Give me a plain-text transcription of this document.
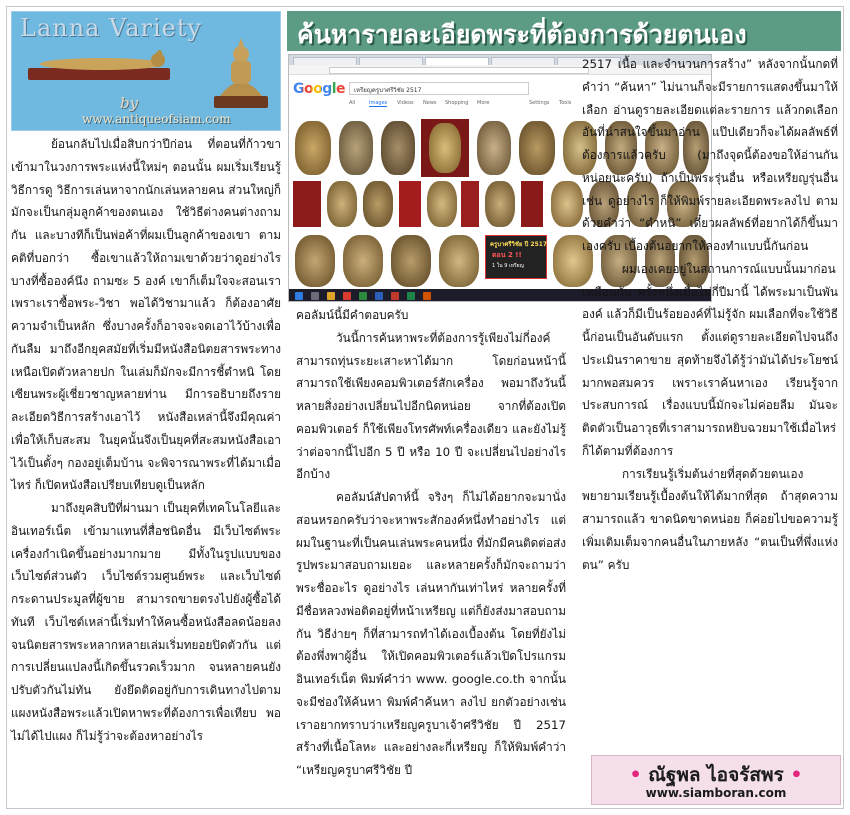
Lanna Variety
by
www.antiqueofsiam.com
ค้นหารายละเอียดพระที่ต้องการด้วยตนเอง
Google	เหรียญครูบาศรีวิชัย 2517
All	Images Videos News Shopping More	Settings Tools
ครูบาศรีวิชัย ปี 2517
ตอน 2 !!
1 ใน 9 เหรียญ

ย้อนกลับไปเมื่อสิบกว่าปีก่อน ที่ตอนที่ก้าวขาเข้ามาในวงการพระแห่งนี้ใหม่ๆ ตอนนั้น ผมเริ่มเรียนรู้วิธีการดู วิธีการเล่นหาจากนักเล่นหลายคน ส่วนใหญ่ก็มักจะเป็นกลุ่มลูกค้าของตนเอง ใช้วิธีต่างคนต่างถามกัน และบางทีก็เป็นพ่อค้าที่ผมเป็นลูกค้าของเขา ตามคติที่บอกว่า ซื้อเขาแล้วให้ถามเขาด้วยว่าดูอย่างไร บางที่ซื้อองค์นึง ถามซะ 5 องค์ เขาก็เต็มใจจะสอนเรา เพราะเราซื้อพระ-วิชา พอได้วิชามาแล้ว ก็ต้องอาศัยความจำเป็นหลัก ซึ่งบางครั้งก็อาจจะจดเอาไว้บ้างเพื่อกันลืม มาถึงอีกยุคสมัยที่เริ่มมีหนังสือนิตยสารพระทางเหนือเปิดตัวหลายปก ในเล่มก็มักจะมีการชี้ตำหนิ โดยเซียนพระผู้เชี่ยวชาญหลายท่าน มีการอธิบายถึงรายละเอียดวิธีการสร้างเอาไว้ หนังสือเหล่านี้จึงมีคุณค่าเพื่อให้เก็บสะสม ในยุคนั้นจึงเป็นยุคที่สะสมหนังสือเอาไว้เป็นตั้งๆ กองอยู่เต็มบ้าน จะพิจารณาพระที่ได้มาเมื่อไหร่ ก็เปิดหนังสือเปรียบเทียบดูเป็นหลัก

มาถึงยุคสิบปีที่ผ่านมา เป็นยุคที่เทคโนโลยีและอินเทอร์เน็ต เข้ามาแทนที่สื่อชนิดอื่น มีเว็บไซต์พระเครื่องกำเนิดขึ้นอย่างมากมาย มีทั้งในรูปแบบของเว็บไซต์ส่วนตัว เว็บไซต์รวมศูนย์พระ และเว็บไซต์กระดานประมูลที่ผู้ขาย สามารถขายตรงไปยังผู้ซื้อได้ทันที เว็บไซต์เหล่านี้เริ่มทำให้คนซื้อหนังสือลดน้อยลง จนนิตยสารพระหลากหลายเล่มเริ่มทยอยปิดตัวกัน แต่การเปลี่ยนแปลงนี้เกิดขึ้นรวดเร็วมาก จนหลายคนยังปรับตัวกันไม่ทัน ยังยึดติดอยู่กับการเดินทางไปตามแผงหนังสือพระแล้วเปิดหาพระที่ต้องการเพื่อเทียบ พอไม่ได้ไปแผง ก็ไม่รู้ว่าจะต้องหาอย่างไร

คอลัมน์นี้มีคำตอบครับ

วันนี้การค้นหาพระที่ต้องการรู้เพียงไม่กี่องค์ สามารถทุ่นระยะเสาะหาได้มาก โดยก่อนหน้านี้สามารถใช้เพียงคอมพิวเตอร์สักเครื่อง พอมาถึงวันนี้หลายสิ่งอย่างเปลี่ยนไปอีกนิดหน่อย จากที่ต้องเปิดคอมพิวเตอร์ ก็ใช้เพียงโทรศัพท์เครื่องเดียว และยังไม่รู้ว่าต่อจากนี้ไปอีก 5 ปี หรือ 10 ปี จะเปลี่ยนไปอย่างไรอีกบ้าง

คอลัมน์สัปดาห์นี้ จริงๆ ก็ไม่ได้อยากจะมานั่งสอนหรอกครับว่าจะหาพระสักองค์หนึ่งทำอย่างไร แต่ผมในฐานะที่เป็นคนเล่นพระคนหนึ่ง ที่มักมีคนติดต่อส่งรูปพระมาสอบถามเยอะ และหลายครั้งก็มักจะถามว่าพระชื่ออะไร ดูอย่างไร เล่นหากันเท่าไหร่ หลายครั้งที่มีชื่อหลวงพ่อติดอยู่ที่หน้าเหรียญ แต่ก็ยังส่งมาสอบถามกัน วิธีง่ายๆ ก็ที่สามารถทำได้เองเบื้องต้น โดยที่ยังไม่ต้องพึ่งพาผู้อื่น ให้เปิดคอมพิวเตอร์แล้วเปิดโปรแกรมอินเทอร์เน็ต พิมพ์คำว่า www. google.co.th จากนั้นจะมีช่องให้ค้นหา พิมพ์คำค้นหา ลงไป ยกตัวอย่างเช่น เราอยากทราบว่าเหรียญครูบาเจ้าศรีวิชัย ปี 2517 สร้างที่เนื้อโลหะ และอย่างละกี่เหรียญ ก็ให้พิมพ์คำว่า “เหรียญครูบาศรีวิชัย ปี

2517 เนื้อ และจำนวนการสร้าง” หลังจากนั้นกดที่คำว่า “ค้นหา” ไม่นานก็จะมีรายการแสดงขึ้นมาให้เลือก อ่านดูรายละเอียดแต่ละรายการ แล้วกดเลือกอันที่น่าสนใจขึ้นมาอ่าน แป๊ปเดียวก็จะได้ผลลัพธ์ที่ต้องการแล้วครับ (มาถึงจุดนี้ต้องขอให้อ่านกันหน่อยนะครับ) ถ้าเป็นพระรุ่นอื่น หรือเหรียญรุ่นอื่น เช่น ดูอย่างไร ก็ให้พิมพ์รายละเอียดพระลงไป ตามด้วยคำว่า “ตำหนิ” เดี๋ยวผลลัพธ์ที่อยากได้ก็ขึ้นมาเองครับ เบื้องต้นอยากให้ลองทำแบบนี้กันก่อน

ผมเองเคยอยู่ในสถานการณ์แบบนั้นมาก่อนเหมือนกัน ครั้งหนึ่งเมื่อไม่กี่ปีมานี้ ได้พระมาเป็นพันองค์ แล้วก็มีเป็นร้อยองค์ที่ไม่รู้จัก ผมเลือกที่จะใช้วิธีนี้ก่อนเป็นอันดับแรก ตั้งแต่ดูรายละเอียดไปจนถึงประเมินราคาขาย สุดท้ายจึงได้รู้ว่ามันได้ประโยชน์มากพอสมควร เพราะเราค้นหาเอง เรียนรู้จากประสบการณ์ เรื่องแบบนี้มักจะไม่ค่อยลืม มันจะติดตัวเป็นอาวุธที่เราสามารถหยิบฉวยมาใช้เมื่อไหร่ก็ได้ตามที่ต้องการ

การเรียนรู้เริ่มต้นง่ายที่สุดด้วยตนเอง พยายามเรียนรู้เบื้องต้นให้ได้มากที่สุด ถ้าสุดความสามารถแล้ว ขาดนิดขาดหน่อย ก็ค่อยไปขอความรู้เพิ่มเติมเต็มจากคนอื่นในภายหลัง “ตนเป็นที่พึ่งแห่งตน” ครับ

• ณัฐพล ไอจรัสพร •
www.siamboran.com
